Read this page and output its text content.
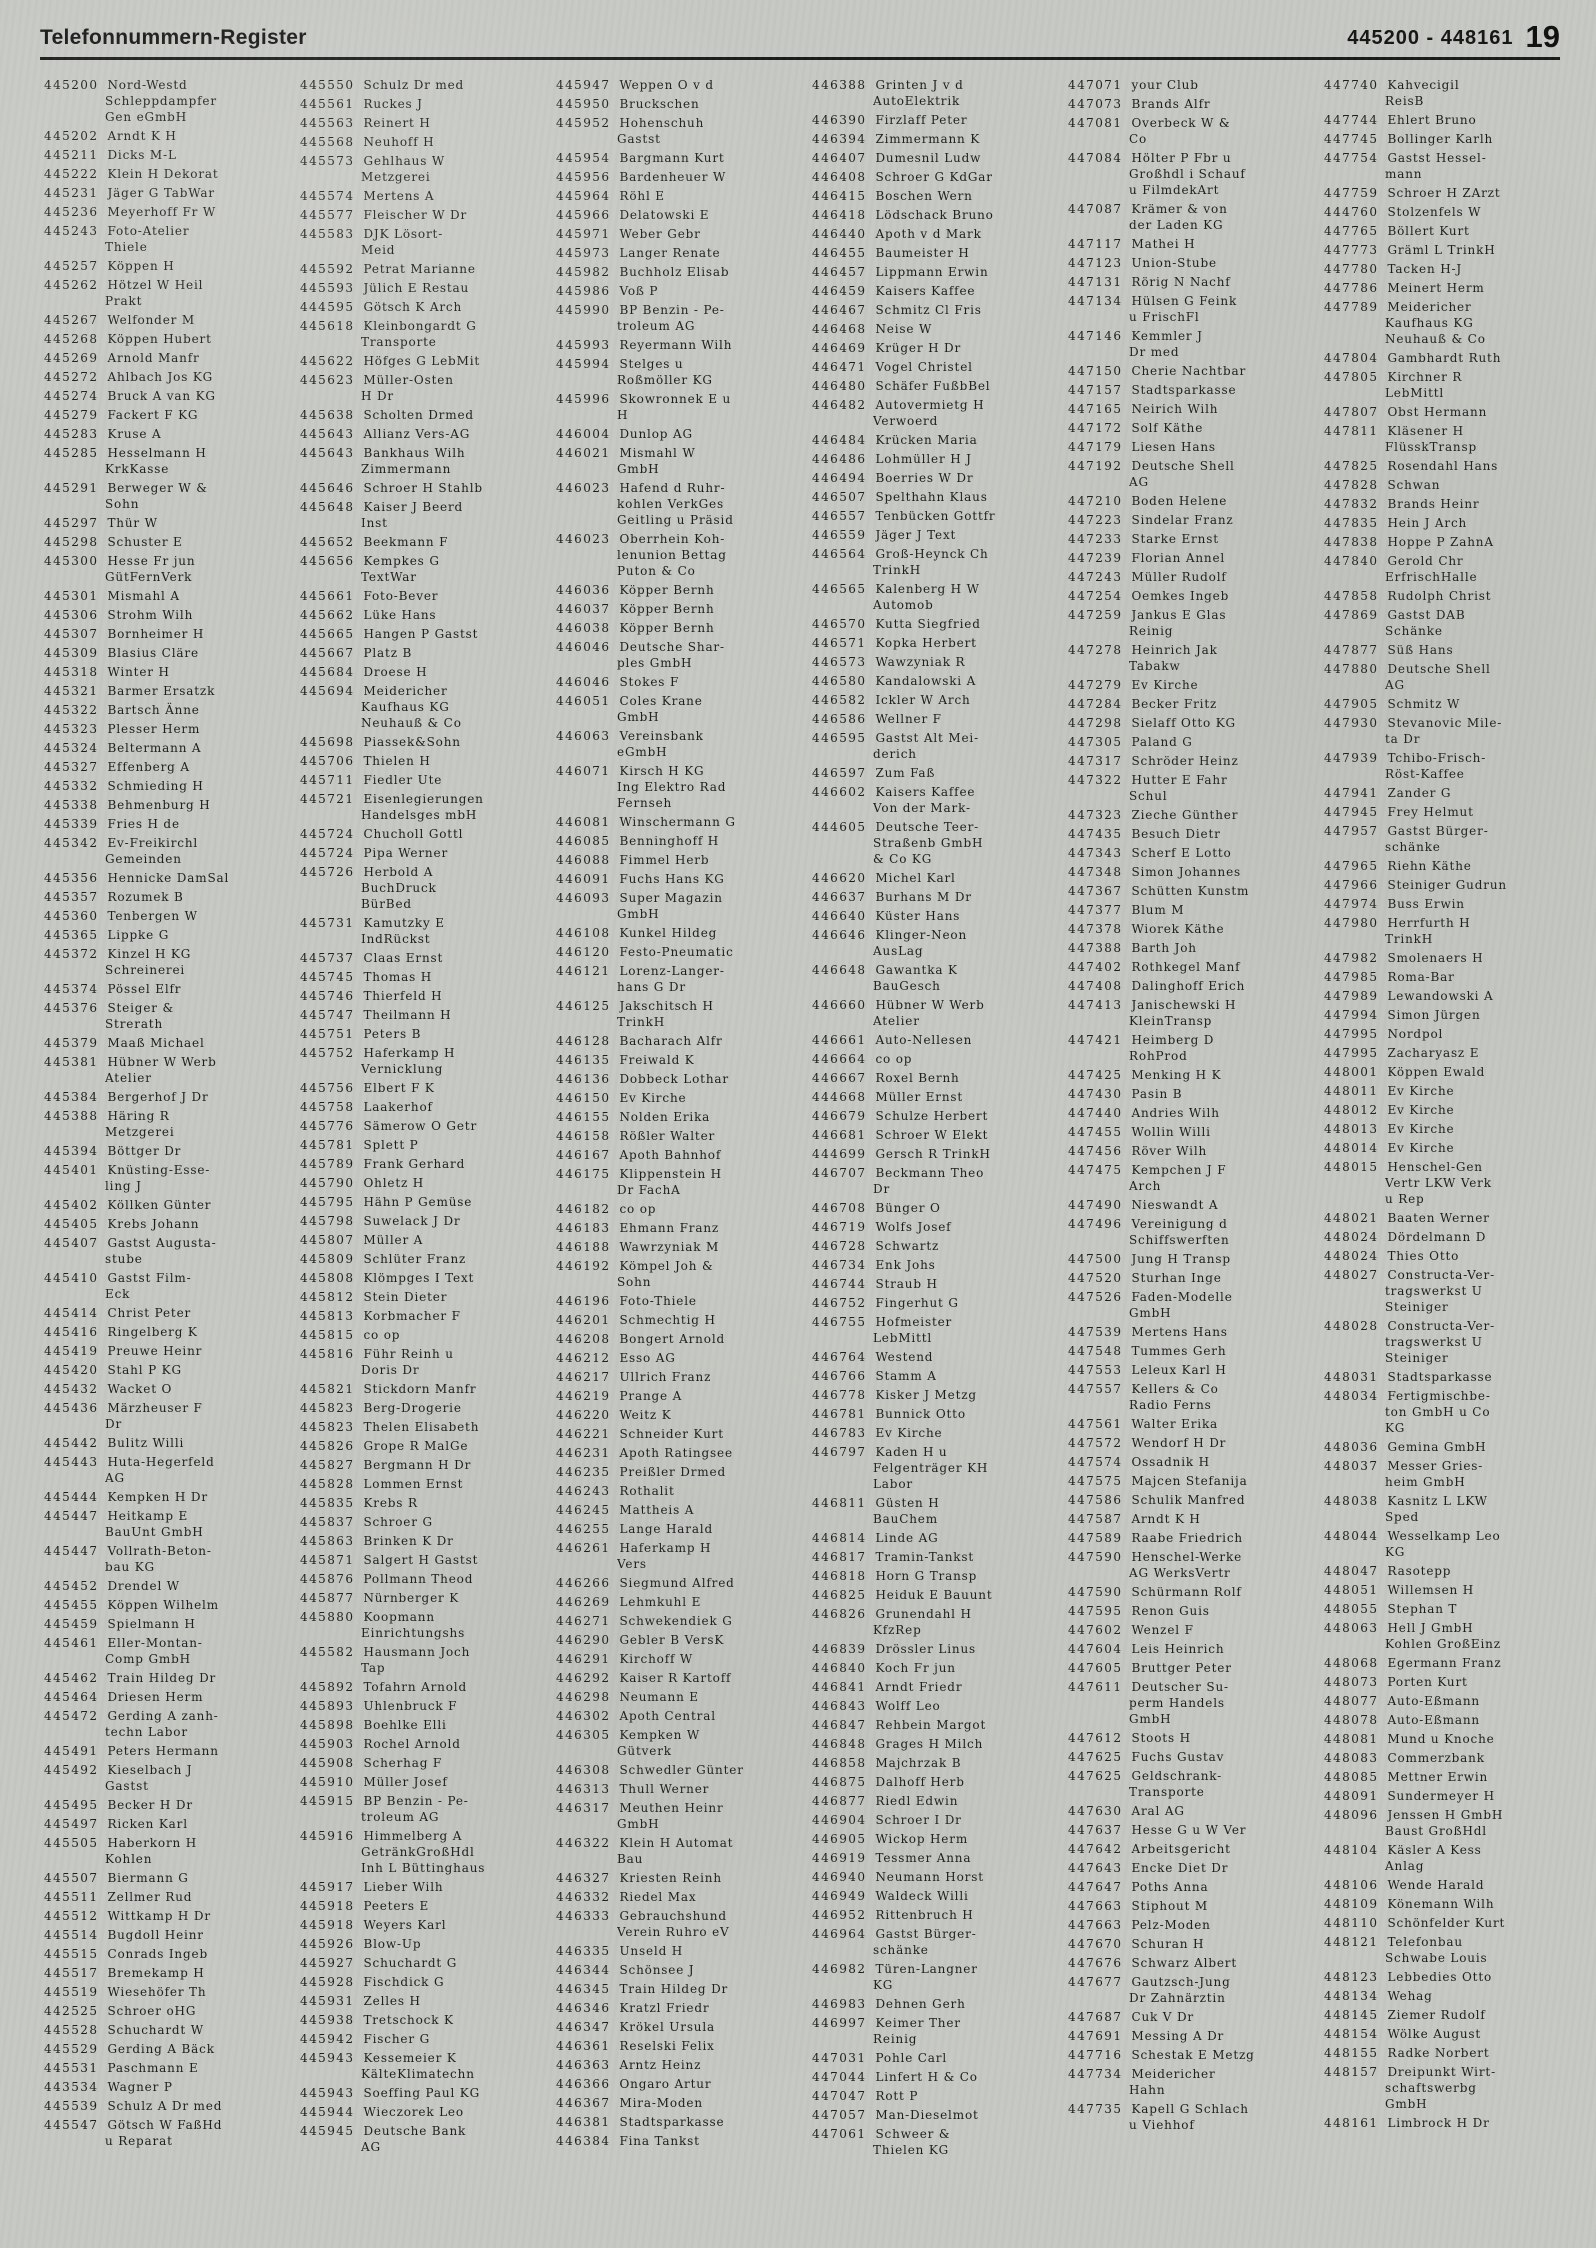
Telefonnummern-Register	445200 - 448161 19
445200 Nord-Westd
Schleppdampfer
Gen eGmbH
445202 Arndt K H
445211 Dicks M-L
445222 Klein H Dekorat
445231 Jäger G TabWar
445236 Meyerhoff Fr W
445243 Foto-Atelier
Thiele
445257 Köppen H
445262 Hötzel W Heil
Prakt
445267 Welfonder M
445268 Köppen Hubert
445269 Arnold Manfr
445272 Ahlbach Jos KG
445274 Bruck A van KG
445279 Fackert F KG
445283 Kruse A
445285 Hesselmann H
KrkKasse
445291 Berweger W &
Sohn
445297 Thür W
445298 Schuster E
445300 Hesse Fr jun
GütFernVerk
445301 Mismahl A
445306 Strohm Wilh
445307 Bornheimer H
445309 Blasius Cläre
445318 Winter H
445321 Barmer Ersatzk
445322 Bartsch Änne
445323 Plesser Herm
445324 Beltermann A
445327 Effenberg A
445332 Schmieding H
445338 Behmenburg H
445339 Fries H de
445342 Ev-Freikirchl
Gemeinden
445356 Hennicke DamSal
445357 Rozumek B
445360 Tenbergen W
445365 Lippke G
445372 Kinzel H KG
Schreinerei
445374 Pössel Elfr
445376 Steiger &
Strerath
445379 Maaß Michael
445381 Hübner W Werb
Atelier
445384 Bergerhof J Dr
445388 Häring R
Metzgerei
445394 Böttger Dr
445401 Knüsting-Esse-
ling J
445402 Köllken Günter
445405 Krebs Johann
445407 Gastst Augusta-
stube
445410 Gastst Film-
Eck
445414 Christ Peter
445416 Ringelberg K
445419 Preuwe Heinr
445420 Stahl P KG
445432 Wacket O
445436 Märzheuser F
Dr
445442 Bulitz Willi
445443 Huta-Hegerfeld
AG
445444 Kempken H Dr
445447 Heitkamp E
BauUnt GmbH
445447 Vollrath-Beton-
bau KG
445452 Drendel W
445455 Köppen Wilhelm
445459 Spielmann H
445461 Eller-Montan-
Comp GmbH
445462 Train Hildeg Dr
445464 Driesen Herm
445472 Gerding A zanh-
techn Labor
445491 Peters Hermann
445492 Kieselbach J
Gastst
445495 Becker H Dr
445497 Ricken Karl
445505 Haberkorn H
Kohlen
445507 Biermann G
445511 Zellmer Rud
445512 Wittkamp H Dr
445514 Bugdoll Heinr
445515 Conrads Ingeb
445517 Bremekamp H
445519 Wiesehöfer Th
442525 Schroer oHG
445528 Schuchardt W
445529 Gerding A Bäck
445531 Paschmann E
443534 Wagner P
445539 Schulz A Dr med
445547 Götsch W FaßHd
u Reparat
445550 Schulz Dr med
445561 Ruckes J
445563 Reinert H
445568 Neuhoff H
445573 Gehlhaus W
Metzgerei
445574 Mertens A
445577 Fleischer W Dr
445583 DJK Lösort-
Meid
445592 Petrat Marianne
445593 Jülich E Restau
444595 Götsch K Arch
445618 Kleinbongardt G
Transporte
445622 Höfges G LebMit
445623 Müller-Osten
H Dr
445638 Scholten Drmed
445643 Allianz Vers-AG
445643 Bankhaus Wilh
Zimmermann
445646 Schroer H Stahlb
445648 Kaiser J Beerd
Inst
445652 Beekmann F
445656 Kempkes G
TextWar
445661 Foto-Bever
445662 Lüke Hans
445665 Hangen P Gastst
445667 Platz B
445684 Droese H
445694 Meidericher
Kaufhaus KG
Neuhauß & Co
445698 Piassek&Sohn
445706 Thielen H
445711 Fiedler Ute
445721 Eisenlegierungen
Handelsges mbH
445724 Chucholl Gottl
445724 Pipa Werner
445726 Herbold A
BuchDruck
BürBed
445731 Kamutzky E
IndRückst
445737 Claas Ernst
445745 Thomas H
445746 Thierfeld H
445747 Theilmann H
445751 Peters B
445752 Haferkamp H
Vernicklung
445756 Elbert F K
445758 Laakerhof
445776 Sämerow O Getr
445781 Splett P
445789 Frank Gerhard
445790 Ohletz H
445795 Hähn P Gemüse
445798 Suwelack J Dr
445807 Müller A
445809 Schlüter Franz
445808 Klömpges I Text
445812 Stein Dieter
445813 Korbmacher F
445815 co op
445816 Führ Reinh u
Doris Dr
445821 Stickdorn Manfr
445823 Berg-Drogerie
445823 Thelen Elisabeth
445826 Grope R MalGe
445827 Bergmann H Dr
445828 Lommen Ernst
445835 Krebs R
445837 Schroer G
445863 Brinken K Dr
445871 Salgert H Gastst
445876 Pollmann Theod
445877 Nürnberger K
445880 Koopmann
Einrichtungshs
445582 Hausmann Joch
Tap
445892 Tofahrn Arnold
445893 Uhlenbruck F
445898 Boehlke Elli
445903 Rochel Arnold
445908 Scherhag F
445910 Müller Josef
445915 BP Benzin - Pe-
troleum AG
445916 Himmelberg A
GetränkGroßHdl
Inh L Büttinghaus
445917 Lieber Wilh
445918 Peeters E
445918 Weyers Karl
445926 Blow-Up
445927 Schuchardt G
445928 Fischdick G
445931 Zelles H
445938 Tretschock K
445942 Fischer G
445943 Kessemeier K
KälteKlimatechn
445943 Soeffing Paul KG
445944 Wieczorek Leo
445945 Deutsche Bank
AG
445947 Weppen O v d
445950 Bruckschen
445952 Hohenschuh
Gastst
445954 Bargmann Kurt
445956 Bardenheuer W
445964 Röhl E
445966 Delatowski E
445971 Weber Gebr
445973 Langer Renate
445982 Buchholz Elisab
445986 Voß P
445990 BP Benzin - Pe-
troleum AG
445993 Reyermann Wilh
445994 Stelges u
Roßmöller KG
445996 Skowronnek E u
H
446004 Dunlop AG
446021 Mismahl W
GmbH
446023 Hafend d Ruhr-
kohlen VerkGes
Geitling u Präsid
446023 Oberrhein Koh-
lenunion Bettag
Puton & Co
446036 Köpper Bernh
446037 Köpper Bernh
446038 Köpper Bernh
446046 Deutsche Shar-
ples GmbH
446046 Stokes F
446051 Coles Krane
GmbH
446063 Vereinsbank
eGmbH
446071 Kirsch H KG
Ing Elektro Rad
Fernseh
446081 Winschermann G
446085 Benninghoff H
446088 Fimmel Herb
446091 Fuchs Hans KG
446093 Super Magazin
GmbH
446108 Kunkel Hildeg
446120 Festo-Pneumatic
446121 Lorenz-Langer-
hans G Dr
446125 Jakschitsch H
TrinkH
446128 Bacharach Alfr
446135 Freiwald K
446136 Dobbeck Lothar
446150 Ev Kirche
446155 Nolden Erika
446158 Rößler Walter
446167 Apoth Bahnhof
446175 Klippenstein H
Dr FachA
446182 co op
446183 Ehmann Franz
446188 Wawrzyniak M
446192 Kömpel Joh &
Sohn
446196 Foto-Thiele
446201 Schmechtig H
446208 Bongert Arnold
446212 Esso AG
446217 Ullrich Franz
446219 Prange A
446220 Weitz K
446221 Schneider Kurt
446231 Apoth Ratingsee
446235 Preißler Drmed
446243 Rothalit
446245 Mattheis A
446255 Lange Harald
446261 Haferkamp H
Vers
446266 Siegmund Alfred
446269 Lehmkuhl E
446271 Schwekendiek G
446290 Gebler B VersK
446291 Kirchoff W
446292 Kaiser R Kartoff
446298 Neumann E
446302 Apoth Central
446305 Kempken W
Gütverk
446308 Schwedler Günter
446313 Thull Werner
446317 Meuthen Heinr
GmbH
446322 Klein H Automat
Bau
446327 Kriesten Reinh
446332 Riedel Max
446333 Gebrauchshund
Verein Ruhro eV
446335 Unseld H
446344 Schönsee J
446345 Train Hildeg Dr
446346 Kratzl Friedr
446347 Krökel Ursula
446361 Reselski Felix
446363 Arntz Heinz
446366 Ongaro Artur
446367 Mira-Moden
446381 Stadtsparkasse
446384 Fina Tankst
446388 Grinten J v d
AutoElektrik
446390 Firzlaff Peter
446394 Zimmermann K
446407 Dumesnil Ludw
446408 Schroer G KdGar
446415 Boschen Wern
446418 Lödschack Bruno
446440 Apoth v d Mark
446455 Baumeister H
446457 Lippmann Erwin
446459 Kaisers Kaffee
446467 Schmitz Cl Fris
446468 Neise W
446469 Krüger H Dr
446471 Vogel Christel
446480 Schäfer FußbBel
446482 Autovermietg H
Verwoerd
446484 Krücken Maria
446486 Lohmüller H J
446494 Boerries W Dr
446507 Spelthahn Klaus
446557 Tenbücken Gottfr
446559 Jäger J Text
446564 Groß-Heynck Ch
TrinkH
446565 Kalenberg H W
Automob
446570 Kutta Siegfried
446571 Kopka Herbert
446573 Wawzyniak R
446580 Kandalowski A
446582 Ickler W Arch
446586 Wellner F
446595 Gastst Alt Mei-
derich
446597 Zum Faß
446602 Kaisers Kaffee
Von der Mark-
444605 Deutsche Teer-
Straßenb GmbH
& Co KG
446620 Michel Karl
446637 Burhans M Dr
446640 Küster Hans
446646 Klinger-Neon
AusLag
446648 Gawantka K
BauGesch
446660 Hübner W Werb
Atelier
446661 Auto-Nellesen
446664 co op
446667 Roxel Bernh
444668 Müller Ernst
446679 Schulze Herbert
446681 Schroer W Elekt
444699 Gersch R TrinkH
446707 Beckmann Theo
Dr
446708 Bünger O
446719 Wolfs Josef
446728 Schwartz
446734 Enk Johs
446744 Straub H
446752 Fingerhut G
446755 Hofmeister
LebMittl
446764 Westend
446766 Stamm A
446778 Kisker J Metzg
446781 Bunnick Otto
446783 Ev Kirche
446797 Kaden H u
Felgenträger KH
Labor
446811 Güsten H
BauChem
446814 Linde AG
446817 Tramin-Tankst
446818 Horn G Transp
446825 Heiduk E Bauunt
446826 Grunendahl H
KfzRep
446839 Drössler Linus
446840 Koch Fr jun
446841 Arndt Friedr
446843 Wolff Leo
446847 Rehbein Margot
446848 Grages H Milch
446858 Majchrzak B
446875 Dalhoff Herb
446877 Riedl Edwin
446904 Schroer I Dr
446905 Wickop Herm
446919 Tessmer Anna
446940 Neumann Horst
446949 Waldeck Willi
446952 Rittenbruch H
446964 Gastst Bürger-
schänke
446982 Türen-Langner
KG
446983 Dehnen Gerh
446997 Keimer Ther
Reinig
447031 Pohle Carl
447044 Linfert H & Co
447047 Rott P
447057 Man-Dieselmot
447061 Schweer &
Thielen KG
447071 your Club
447073 Brands Alfr
447081 Overbeck W &
Co
447084 Hölter P Fbr u
Großhdl i Schauf
u FilmdekArt
447087 Krämer & von
der Laden KG
447117 Mathei H
447123 Union-Stube
447131 Rörig N Nachf
447134 Hülsen G Feink
u FrischFl
447146 Kemmler J
Dr med
447150 Cherie Nachtbar
447157 Stadtsparkasse
447165 Neirich Wilh
447172 Solf Käthe
447179 Liesen Hans
447192 Deutsche Shell
AG
447210 Boden Helene
447223 Sindelar Franz
447233 Starke Ernst
447239 Florian Annel
447243 Müller Rudolf
447254 Oemkes Ingeb
447259 Jankus E Glas
Reinig
447278 Heinrich Jak
Tabakw
447279 Ev Kirche
447284 Becker Fritz
447298 Sielaff Otto KG
447305 Paland G
447317 Schröder Heinz
447322 Hutter E Fahr
Schul
447323 Zieche Günther
447435 Besuch Dietr
447343 Scherf E Lotto
447348 Simon Johannes
447367 Schütten Kunstm
447377 Blum M
447378 Wiorek Käthe
447388 Barth Joh
447402 Rothkegel Manf
447408 Dalinghoff Erich
447413 Janischewski H
KleinTransp
447421 Heimberg D
RohProd
447425 Menking H K
447430 Pasin B
447440 Andries Wilh
447455 Wollin Willi
447456 Röver Wilh
447475 Kempchen J F
Arch
447490 Nieswandt A
447496 Vereinigung d
Schiffswerften
447500 Jung H Transp
447520 Sturhan Inge
447526 Faden-Modelle
GmbH
447539 Mertens Hans
447548 Tummes Gerh
447553 Leleux Karl H
447557 Kellers & Co
Radio Ferns
447561 Walter Erika
447572 Wendorf H Dr
447574 Ossadnik H
447575 Majcen Stefanija
447586 Schulik Manfred
447587 Arndt K H
447589 Raabe Friedrich
447590 Henschel-Werke
AG WerksVertr
447590 Schürmann Rolf
447595 Renon Guis
447602 Wenzel F
447604 Leis Heinrich
447605 Bruttger Peter
447611 Deutscher Su-
perm Handels
GmbH
447612 Stoots H
447625 Fuchs Gustav
447625 Geldschrank-
Transporte
447630 Aral AG
447637 Hesse G u W Ver
447642 Arbeitsgericht
447643 Encke Diet Dr
447647 Poths Anna
447663 Stiphout M
447663 Pelz-Moden
447670 Schuran H
447676 Schwarz Albert
447677 Gautzsch-Jung
Dr Zahnärztin
447687 Cuk V Dr
447691 Messing A Dr
447716 Schestak E Metzg
447734 Meidericher
Hahn
447735 Kapell G Schlach
u Viehhof
447740 Kahvecigil
ReisB
447744 Ehlert Bruno
447745 Bollinger Karlh
447754 Gastst Hessel-
mann
447759 Schroer H ZArzt
444760 Stolzenfels W
447765 Böllert Kurt
447773 Gräml L TrinkH
447780 Tacken H-J
447786 Meinert Herm
447789 Meidericher
Kaufhaus KG
Neuhauß & Co
447804 Gambhardt Ruth
447805 Kirchner R
LebMittl
447807 Obst Hermann
447811 Kläsener H
FlüsskTransp
447825 Rosendahl Hans
447828 Schwan
447832 Brands Heinr
447835 Hein J Arch
447838 Hoppe P ZahnA
447840 Gerold Chr
ErfrischHalle
447858 Rudolph Christ
447869 Gastst DAB
Schänke
447877 Süß Hans
447880 Deutsche Shell
AG
447905 Schmitz W
447930 Stevanovic Mile-
ta Dr
447939 Tchibo-Frisch-
Röst-Kaffee
447941 Zander G
447945 Frey Helmut
447957 Gastst Bürger-
schänke
447965 Riehn Käthe
447966 Steiniger Gudrun
447974 Buss Erwin
447980 Herrfurth H
TrinkH
447982 Smolenaers H
447985 Roma-Bar
447989 Lewandowski A
447994 Simon Jürgen
447995 Nordpol
447995 Zacharyasz E
448001 Köppen Ewald
448011 Ev Kirche
448012 Ev Kirche
448013 Ev Kirche
448014 Ev Kirche
448015 Henschel-Gen
Vertr LKW Verk
u Rep
448021 Baaten Werner
448024 Dördelmann D
448024 Thies Otto
448027 Constructa-Ver-
tragswerkst U
Steiniger
448028 Constructa-Ver-
tragswerkst U
Steiniger
448031 Stadtsparkasse
448034 Fertigmischbe-
ton GmbH u Co
KG
448036 Gemina GmbH
448037 Messer Gries-
heim GmbH
448038 Kasnitz L LKW
Sped
448044 Wesselkamp Leo
KG
448047 Rasotepp
448051 Willemsen H
448055 Stephan T
448063 Hell J GmbH
Kohlen GroßEinz
448068 Egermann Franz
448073 Porten Kurt
448077 Auto-Eßmann
448078 Auto-Eßmann
448081 Mund u Knoche
448083 Commerzbank
448085 Mettner Erwin
448091 Sundermeyer H
448096 Jenssen H GmbH
Baust GroßHdl
448104 Käsler A Kess
Anlag
448106 Wende Harald
448109 Könemann Wilh
448110 Schönfelder Kurt
448121 Telefonbau
Schwabe Louis
448123 Lebbedies Otto
448134 Wehag
448145 Ziemer Rudolf
448154 Wölke August
448155 Radke Norbert
448157 Dreipunkt Wirt-
schaftswerbg
GmbH
448161 Limbrock H Dr
